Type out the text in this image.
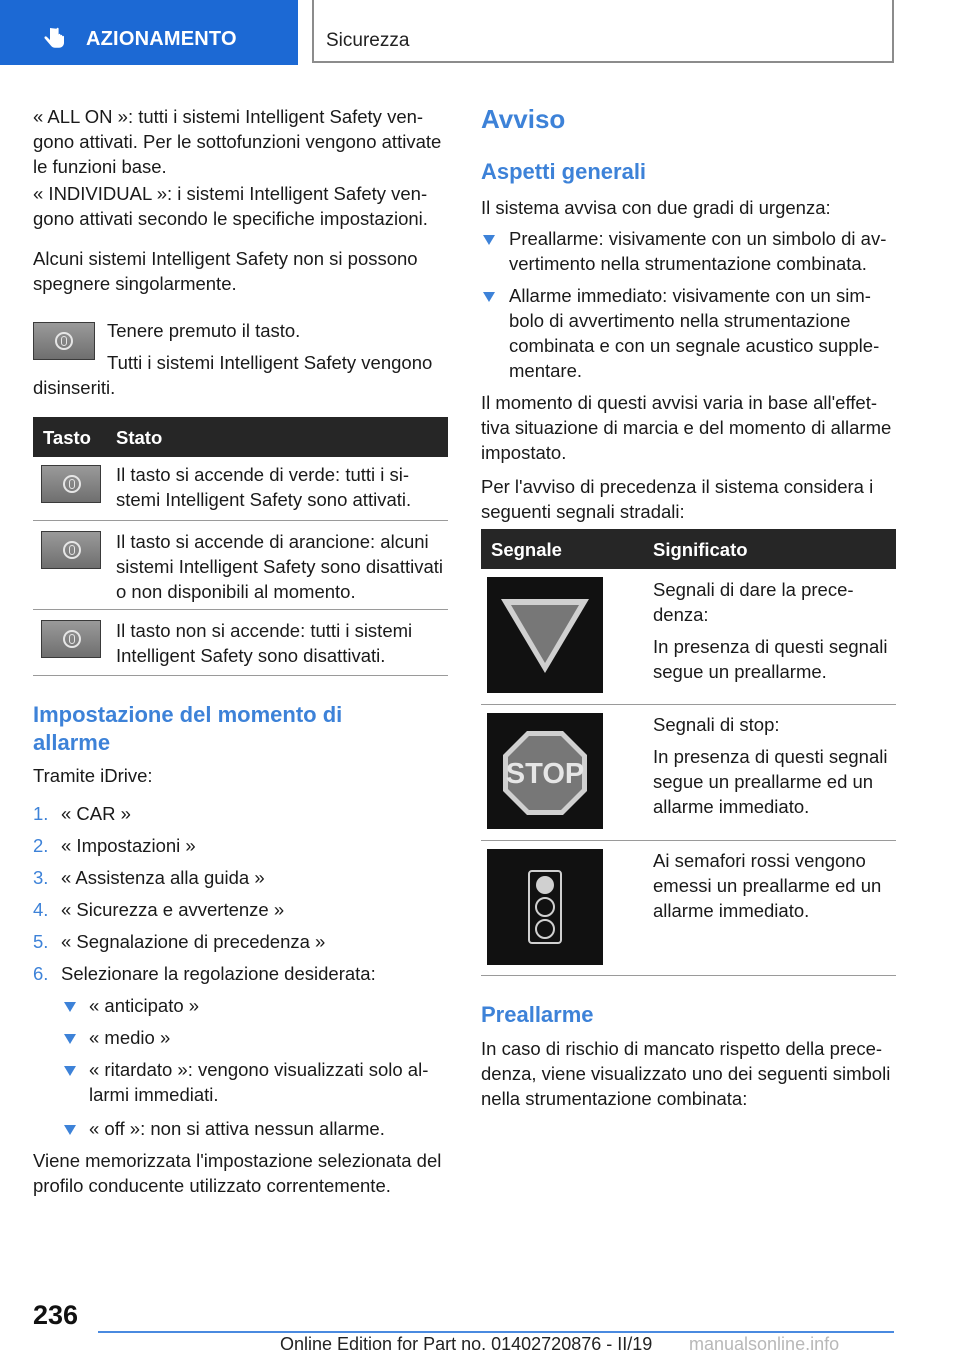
AZIONAMENTO	Sicurezza

« ALL ON »: tutti i sistemi Intelligent Safety vengono attivati. Per le sottofunzioni vengono attivate le funzioni base.

« INDIVIDUAL »: i sistemi Intelligent Safety vengono attivati secondo le specifiche impostazioni.

Alcuni sistemi Intelligent Safety non si possono spegnere singolarmente.

Tenere premuto il tasto.

Tutti i sistemi Intelligent Safety vengono

disinseriti.

Tasto Stato

Il tasto si accende di verde: tutti i sistemi Intelligent Safety sono attivati.

Il tasto si accende di arancione: alcuni sistemi Intelligent Safety sono disattivati o non disponibili al momento.

Il tasto non si accende: tutti i sistemi Intelligent Safety sono disattivati.

Impostazione del momento di allarme

Tramite iDrive:

1. « CAR »
2. « Impostazioni »
3. « Assistenza alla guida »
4. « Sicurezza e avvertenze »
5. « Segnalazione di precedenza »
6. Selezionare la regolazione desiderata:
« anticipato »
« medio »
« ritardato »: vengono visualizzati solo allarmi immediati.
« off »: non si attiva nessun allarme.

Viene memorizzata l'impostazione selezionata del profilo conducente utilizzato correntemente.

Avviso
Aspetti generali

Il sistema avvisa con due gradi di urgenza:

Preallarme: visivamente con un simbolo di avvertimento nella strumentazione combinata.

Allarme immediato: visivamente con un simbolo di avvertimento nella strumentazione combinata e con un segnale acustico supplementare.

Il momento di questi avvisi varia in base all'effettiva situazione di marcia e del momento di allarme impostato.

Per l'avviso di precedenza il sistema considera i seguenti segnali stradali:

Segnale	Significato

Segnali di dare la precedenza:

In presenza di questi segnali segue un preallarme.

STOP

Segnali di stop:

In presenza di questi segnali segue un preallarme ed un allarme immediato.

Ai semafori rossi vengono emessi un preallarme ed un allarme immediato.

Preallarme

In caso di rischio di mancato rispetto della precedenza, viene visualizzato uno dei seguenti simboli nella strumentazione combinata:

236
Online Edition for Part no. 01402720876 - II/19 manualsonline.info
